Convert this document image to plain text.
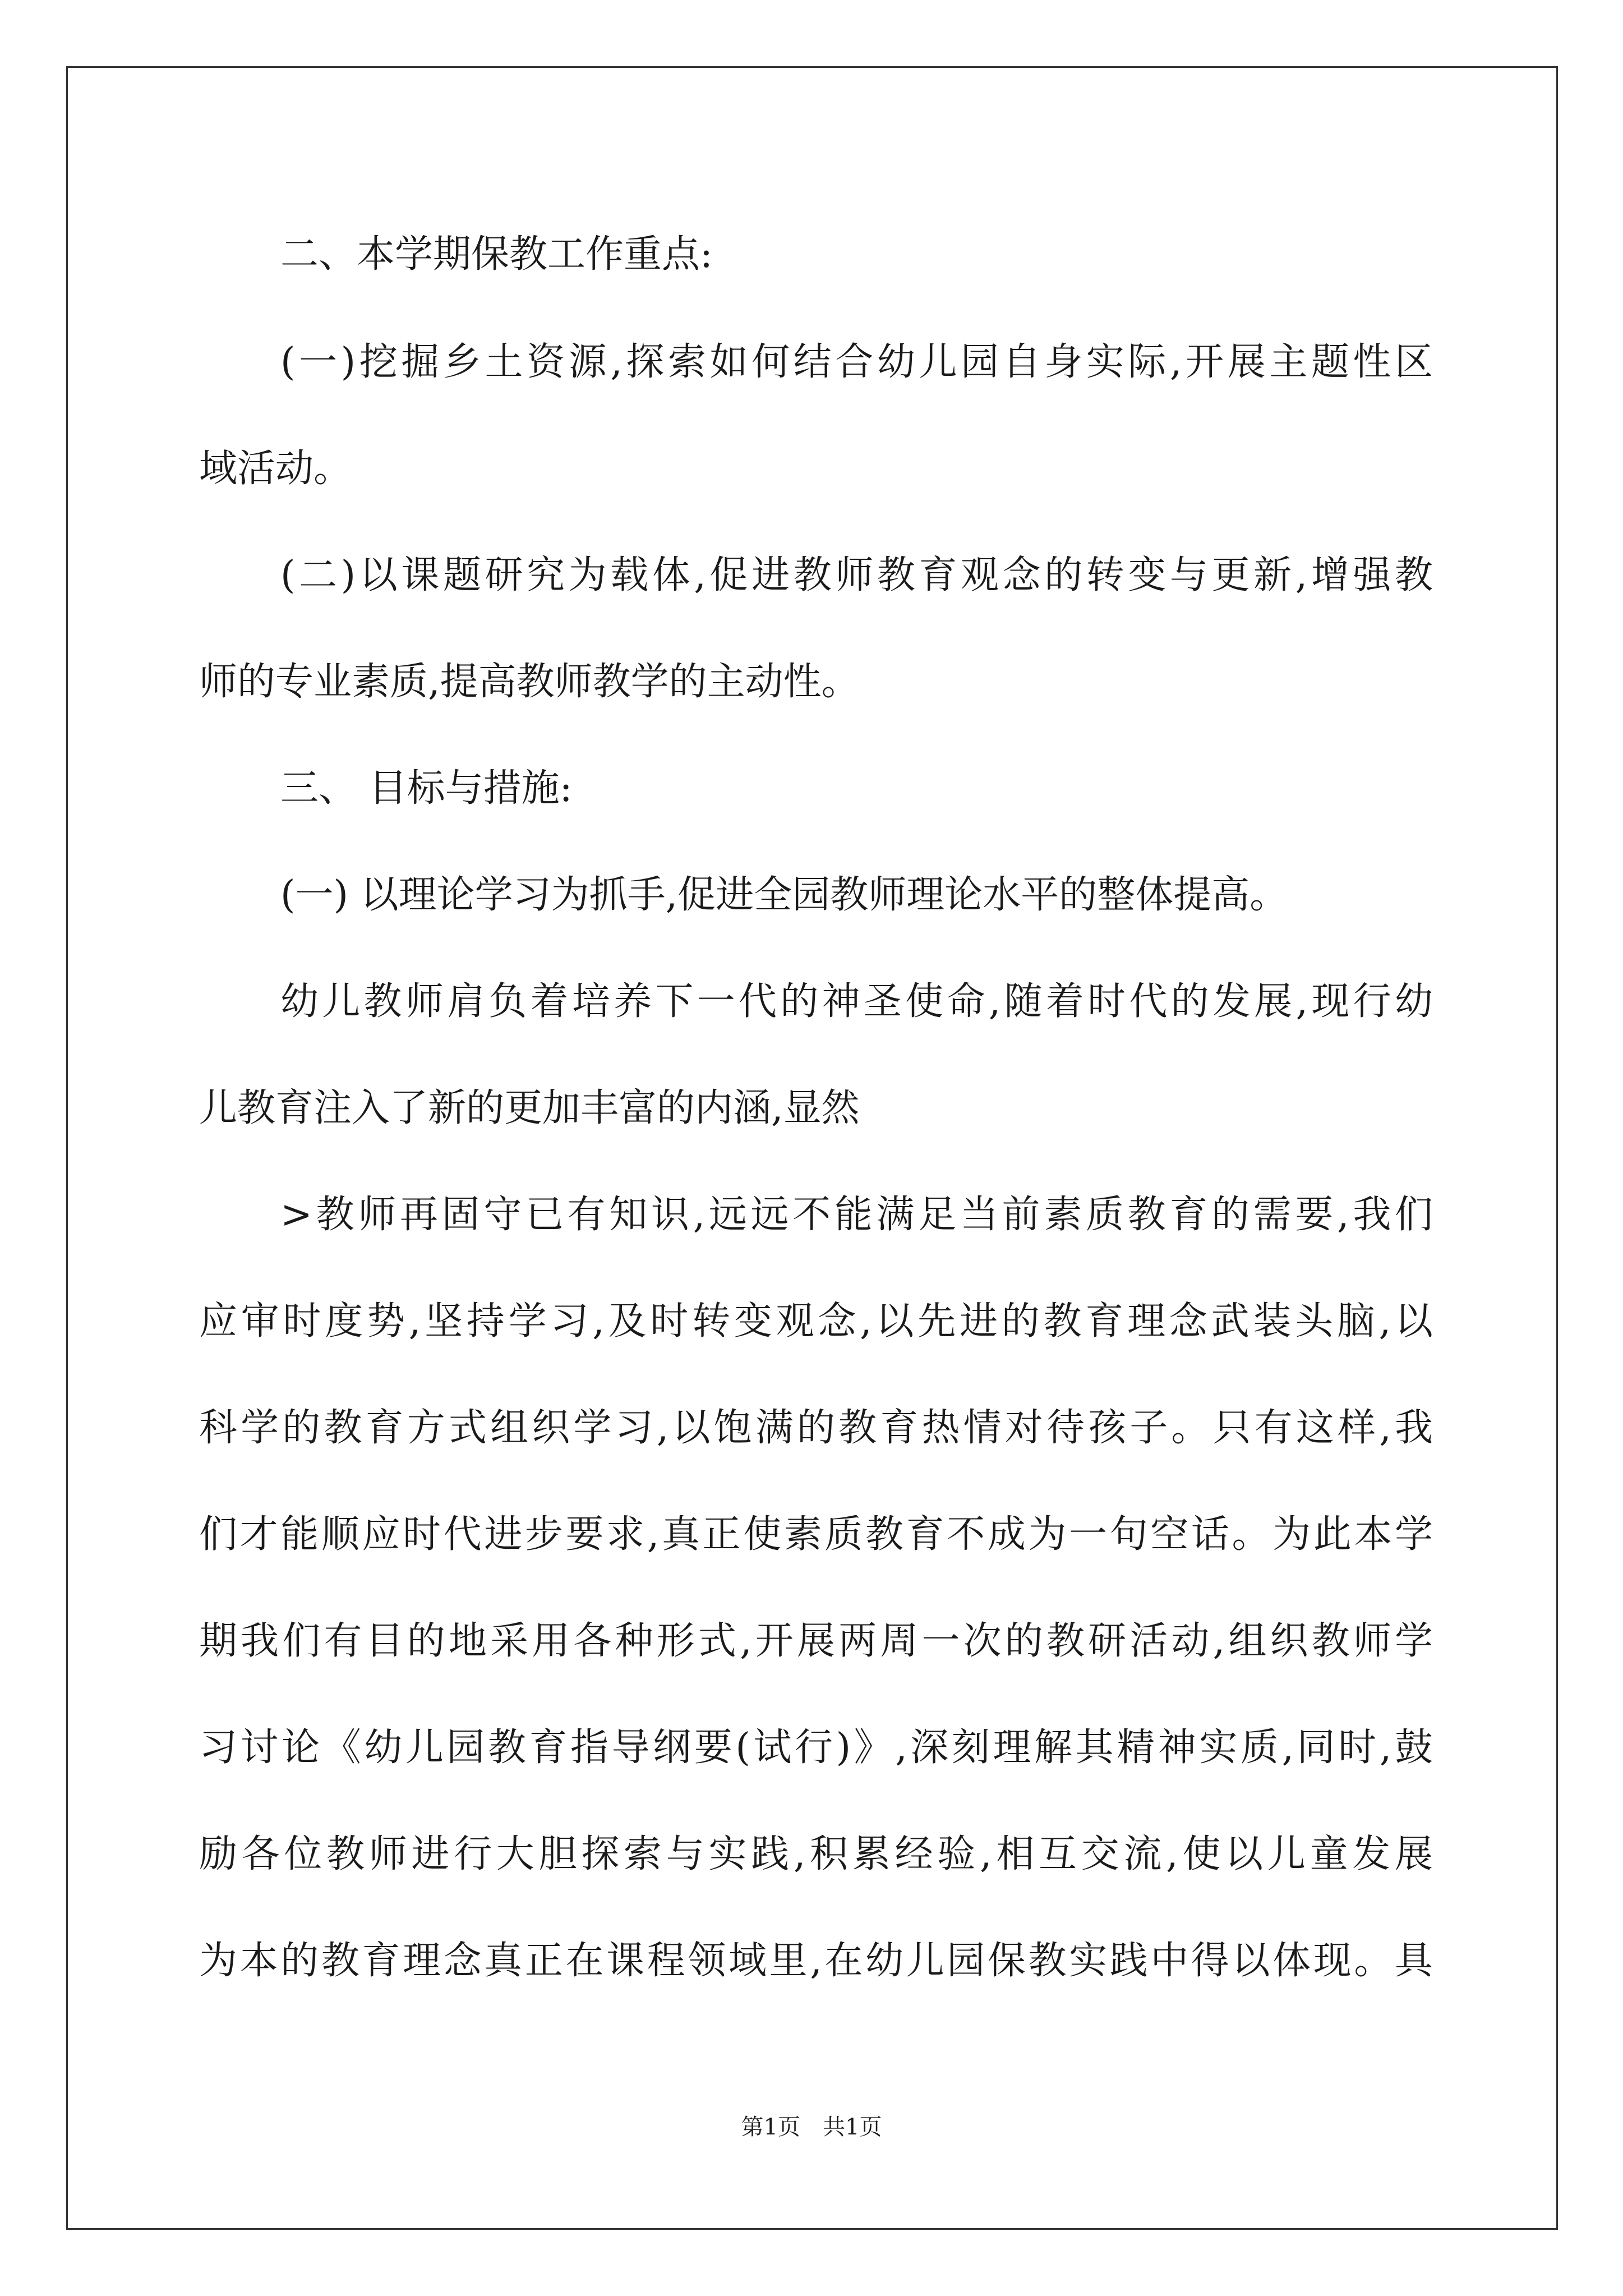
二、本学期保教工作重点:
(一)挖掘乡土资源,探索如何结合幼儿园自身实际,开展主题性区
域活动。
(二)以课题研究为载体,促进教师教育观念的转变与更新,增强教
师的专业素质,提高教师教学的主动性。
三、 目标与措施:
(一) 以理论学习为抓手,促进全园教师理论水平的整体提高。
幼儿教师肩负着培养下一代的神圣使命,随着时代的发展,现行幼
儿教育注入了新的更加丰富的内涵,显然
>教师再固守已有知识,远远不能满足当前素质教育的需要,我们
应审时度势,坚持学习,及时转变观念,以先进的教育理念武装头脑,以
科学的教育方式组织学习,以饱满的教育热情对待孩子。只有这样,我
们才能顺应时代进步要求,真正使素质教育不成为一句空话。为此本学
期我们有目的地采用各种形式,开展两周一次的教研活动,组织教师学
习讨论《幼儿园教育指导纲要(试行)》,深刻理解其精神实质,同时,鼓
励各位教师进行大胆探索与实践,积累经验,相互交流,使以儿童发展
为本的教育理念真正在课程领域里,在幼儿园保教实践中得以体现。具
第1页　共1页
